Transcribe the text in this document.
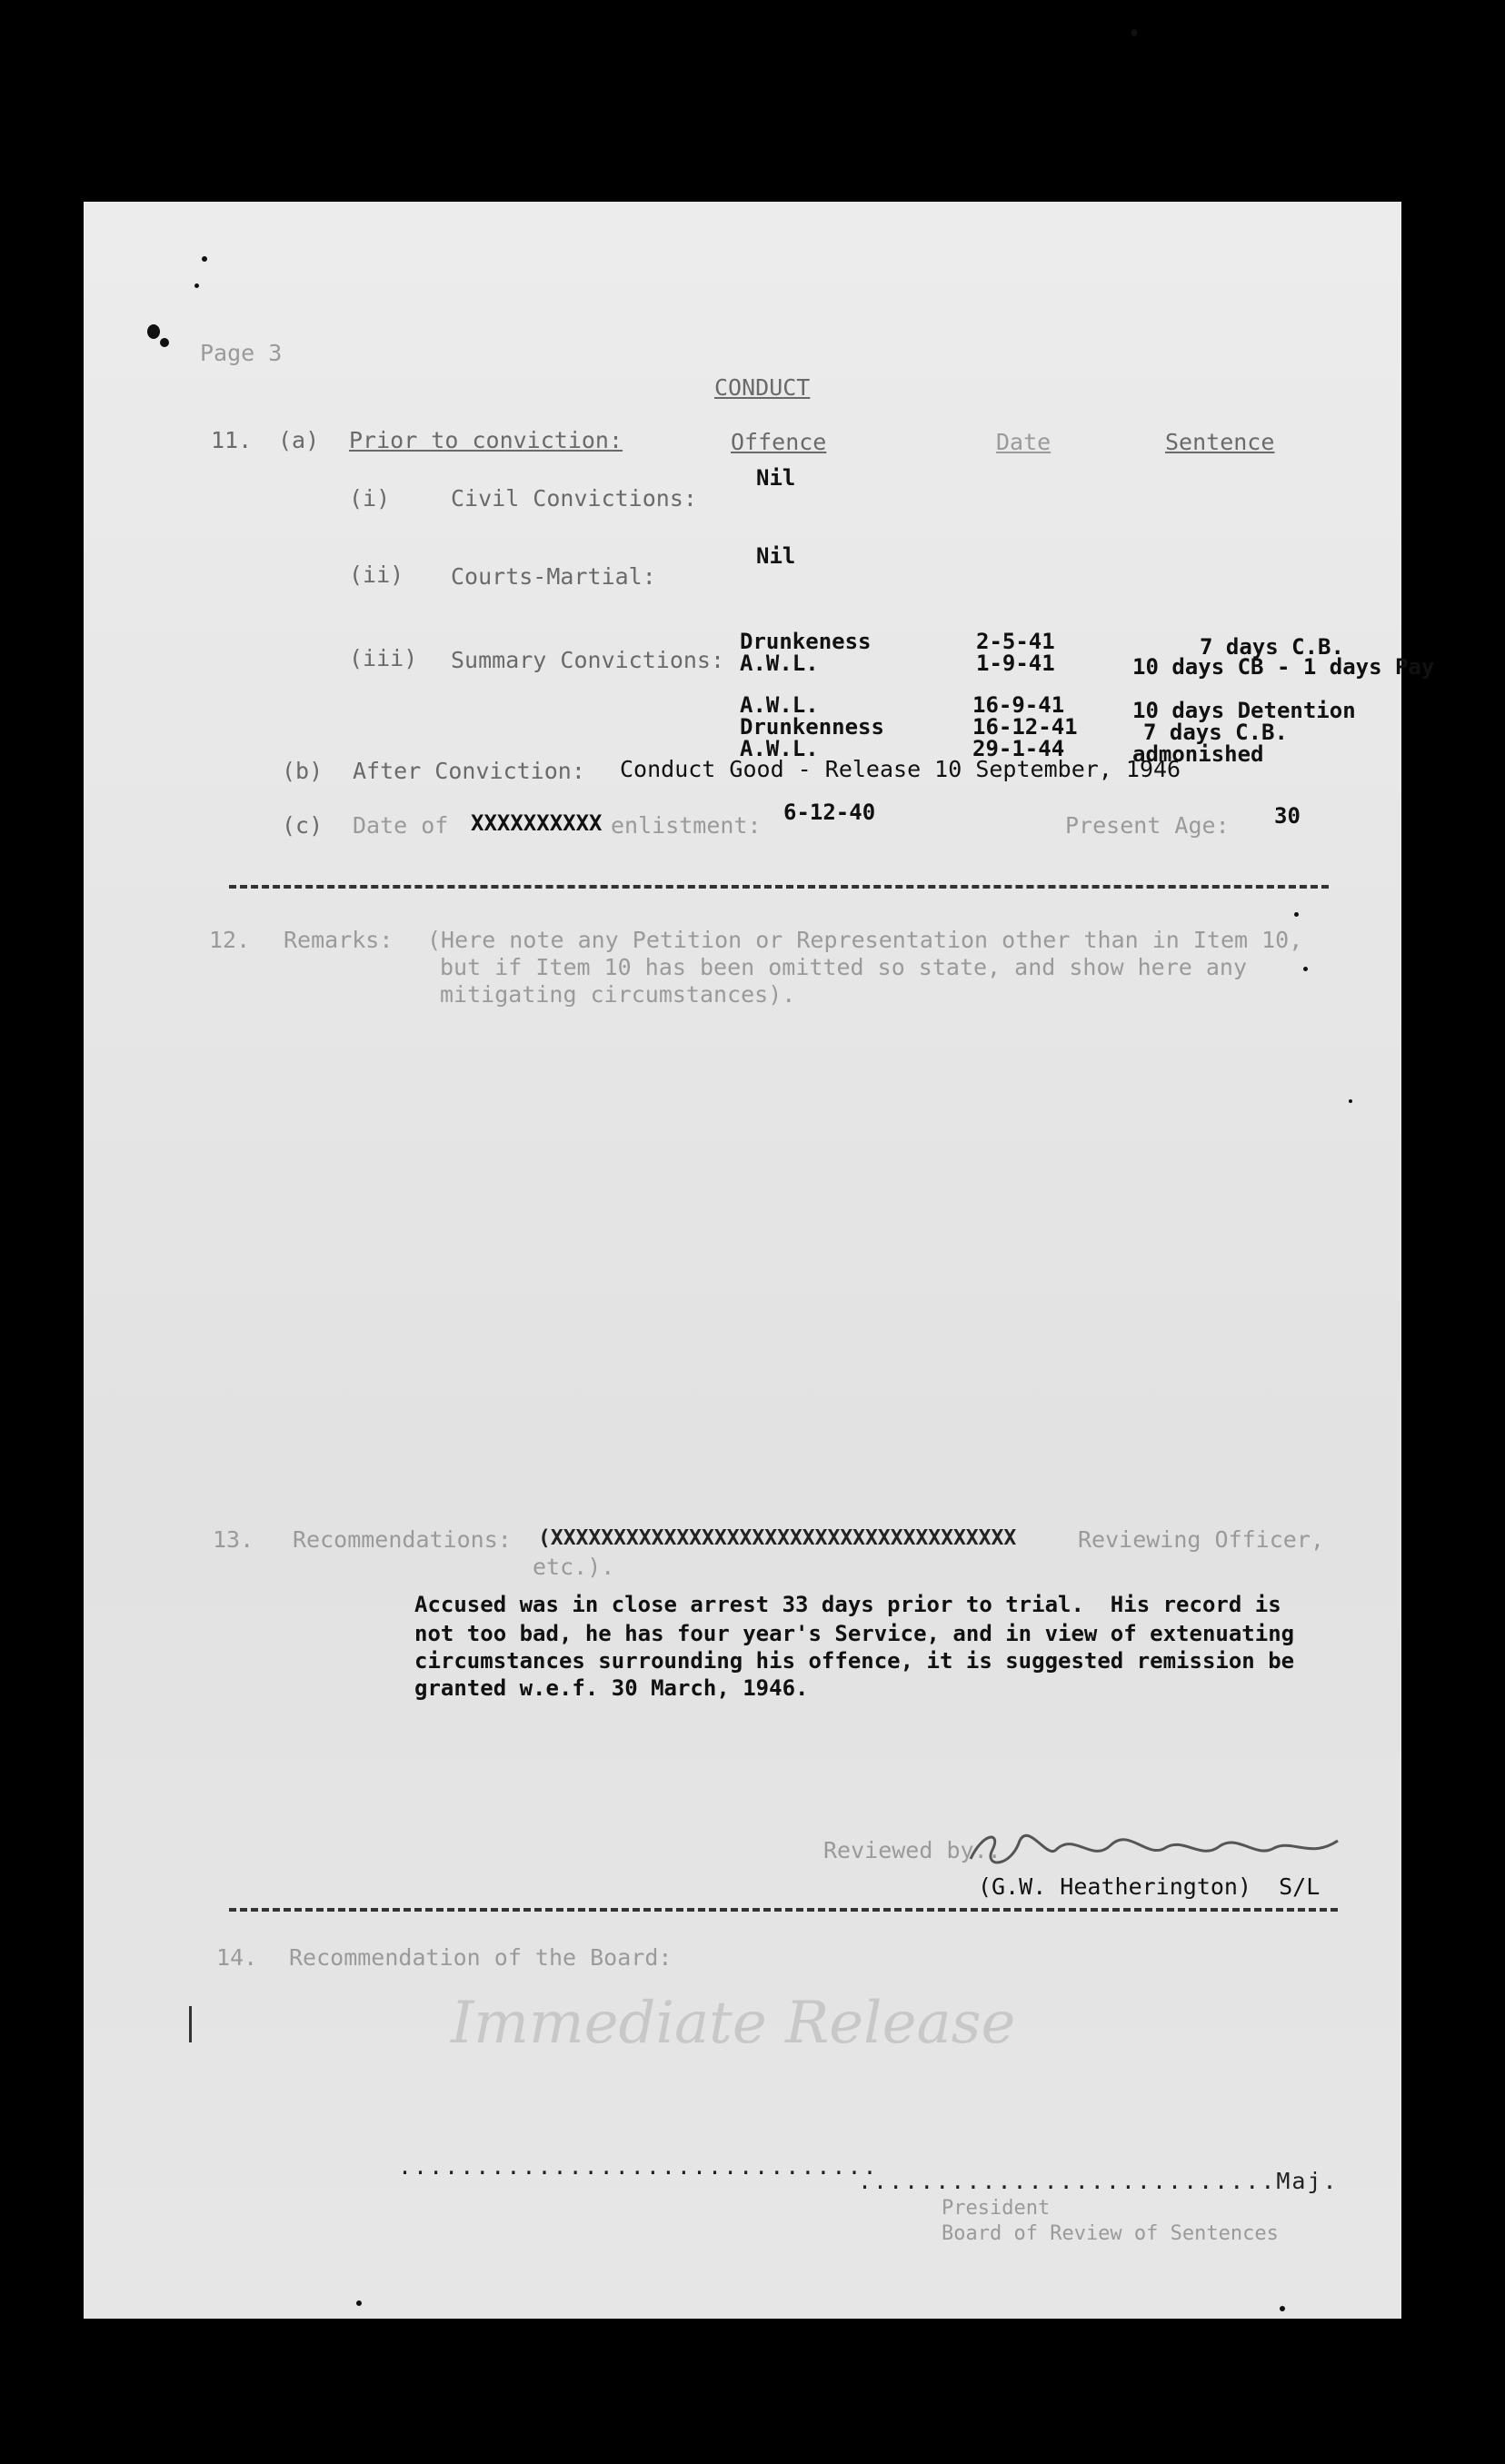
Page 3
CONDUCT
11. (a) Prior to conviction:	Offence	Date	Sentence
(i)	Civil Convictions:
Nil
(ii) Courts-Martial:
Nil
(iii) Summary Convictions:
Drunkeness	2-5-41	7 days C.B.
A.W.L.	1-9-41	10 days CB - 1 days Pay
A.W.L.	16-9-41	10 days Detention
Drunkenness	16-12-41	7 days C.B.
A.W.L.	29-1-44	admonished
(b) After Conviction: Conduct Good - Release 10 September, 1946
(c) Date of XXXXXXXXXX enlistment: 6-12-40	Present Age: 30
12. Remarks: (Here note any Petition or Representation other than in Item 10,
but if Item 10 has been omitted so state, and show here any
mitigating circumstances).
13. Recommendations: (XXXXXXXXXXXXXXXXXXXXXXXXXXXXXXXXXXXXX	Reviewing Officer,
etc.).
Accused was in close arrest 33 days prior to trial.  His record is
not too bad, he has four year's Service, and in view of extenuating
circumstances surrounding his offence, it is suggested remission be
granted w.e.f. 30 March, 1946.
Reviewed by..
(G.W. Heatherington)  S/L
14. Recommendation of the Board:
Immediate Release
...............................
...........................Maj.
President
Board of Review of Sentences
